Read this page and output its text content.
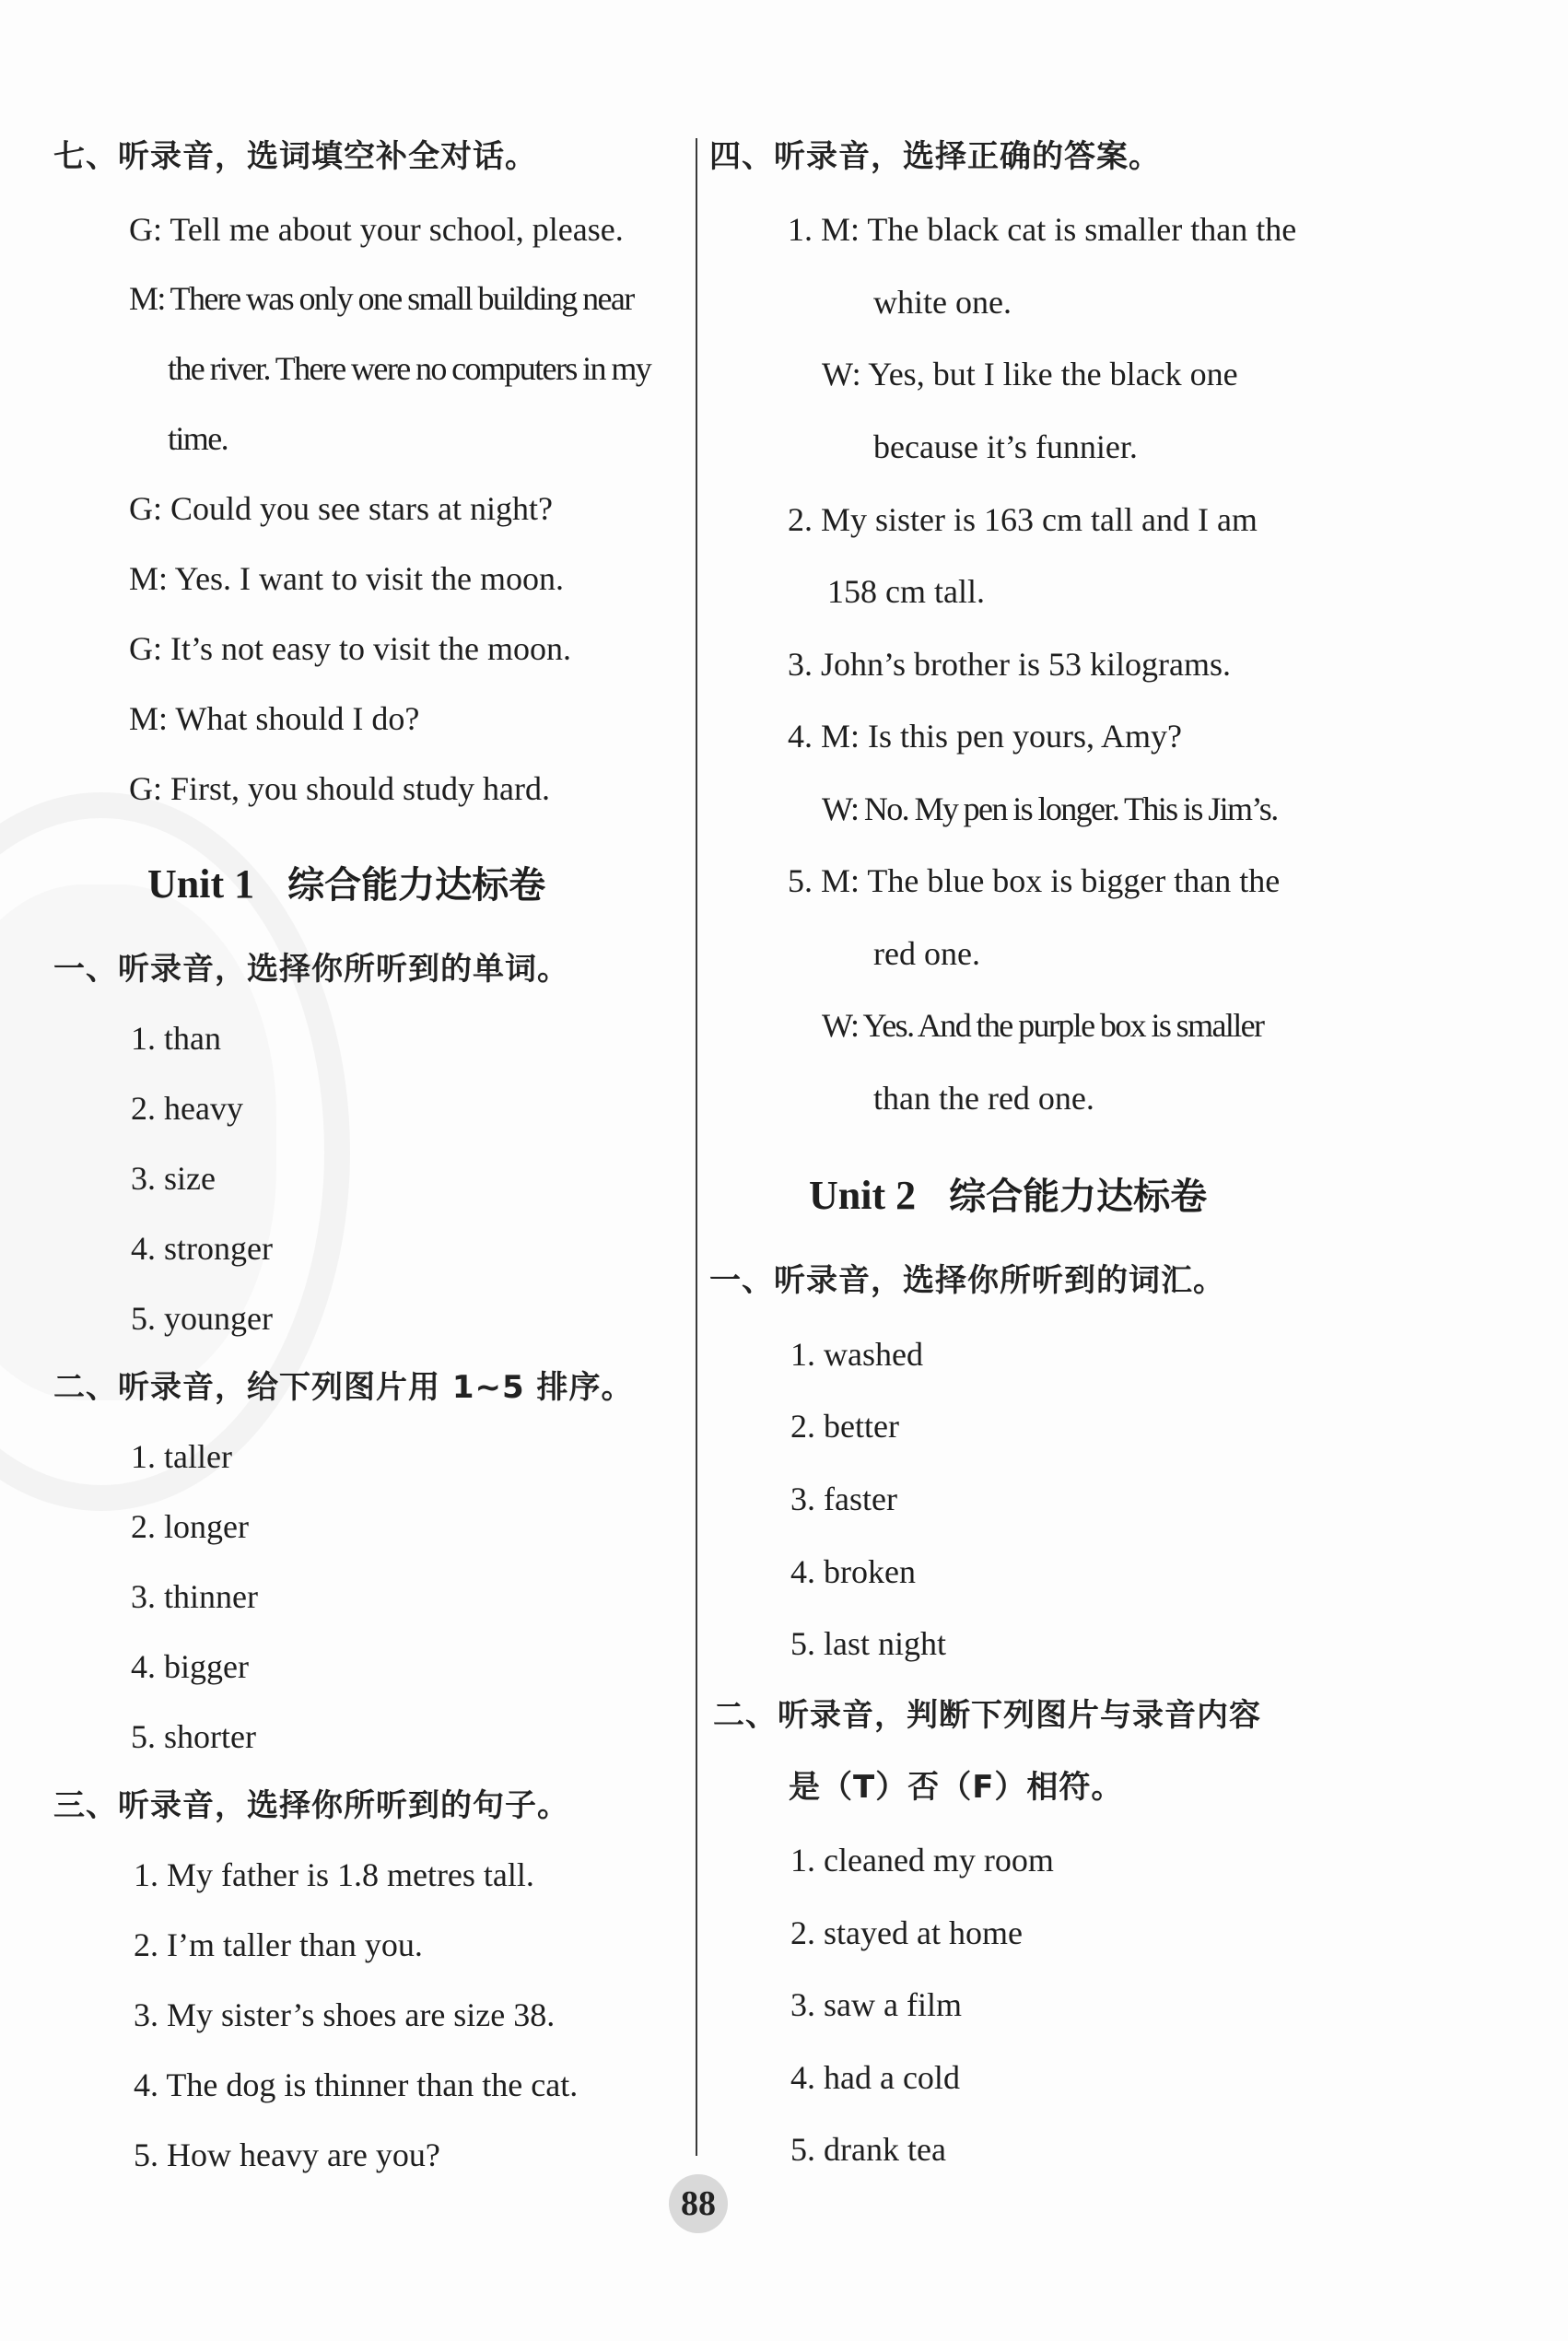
七、听录音，选词填空补全对话。
G: Tell me about your school, please.
M: There was only one small building near
the river. There were no computers in my
time.
G: Could you see stars at night?
M: Yes. I want to visit the moon.
G: It’s not easy to visit the moon.
M: What should I do?
G: First, you should study hard.
Unit 1 综合能力达标卷
一、听录音，选择你所听到的单词。
1. than
2. heavy
3. size
4. stronger
5. younger
二、听录音，给下列图片用 1~5 排序。
1. taller
2. longer
3. thinner
4. bigger
5. shorter
三、听录音，选择你所听到的句子。
1. My father is 1.8 metres tall.
2. I’m taller than you.
3. My sister’s shoes are size 38.
4. The dog is thinner than the cat.
5. How heavy are you?
四、听录音，选择正确的答案。
1. M: The black cat is smaller than the
white one.
W: Yes, but I like the black one
because it’s funnier.
2. My sister is 163 cm tall and I am
158 cm tall.
3. John’s brother is 53 kilograms.
4. M: Is this pen yours, Amy?
W: No. My pen is longer. This is Jim’s.
5. M: The blue box is bigger than the
red one.
W: Yes. And the purple box is smaller
than the red one.
Unit 2 综合能力达标卷
一、听录音，选择你所听到的词汇。
1. washed
2. better
3. faster
4. broken
5. last night
二、听录音，判断下列图片与录音内容
是（T）否（F）相符。
1. cleaned my room
2. stayed at home
3. saw a film
4. had a cold
5. drank tea
88
